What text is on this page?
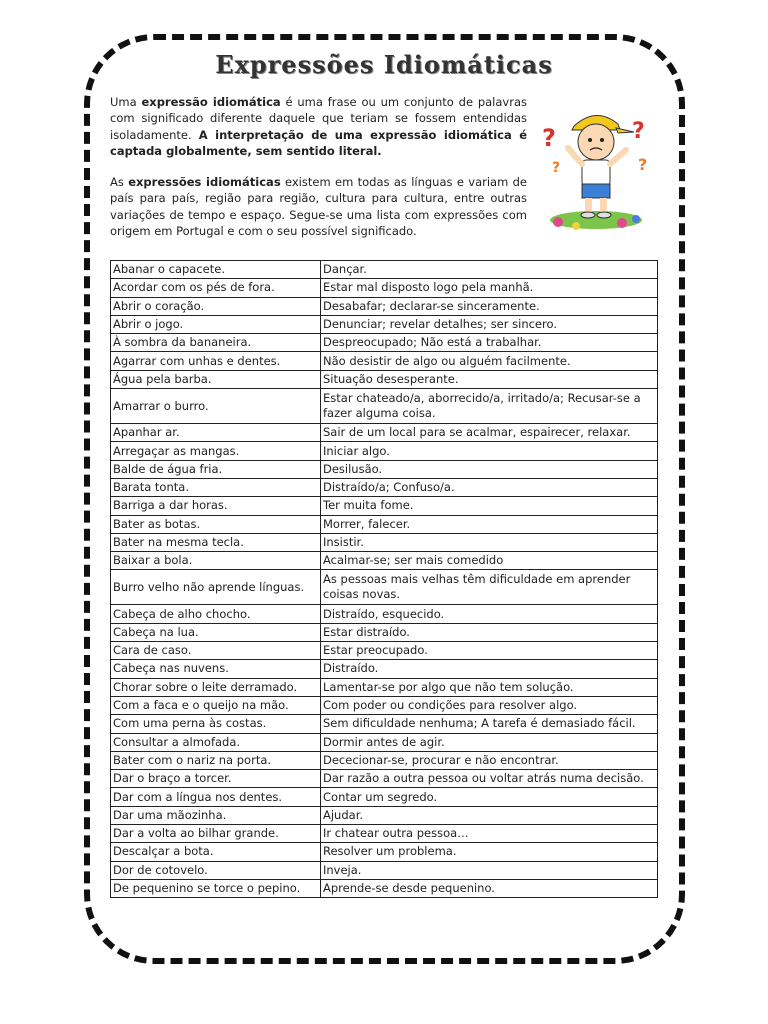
Expressões Idiomáticas

Uma expressão idiomática é uma frase ou um conjunto de palavras com significado diferente daquele que teriam se fossem entendidas isoladamente. A interpretação de uma expressão idiomática é captada globalmente, sem sentido literal.

As expressões idiomáticas existem em todas as línguas e variam de país para país, região para região, cultura para cultura, entre outras variações de tempo e espaço. Segue-se uma lista com expressões com origem em Portugal e com o seu possível significado.

?	?
?
?
Abanar o capacete.	Dançar.
Acordar com os pés de fora.	Estar mal disposto logo pela manhã.
Abrir o coração.	Desabafar; declarar-se sinceramente.
Abrir o jogo.	Denunciar; revelar detalhes; ser sincero.
À sombra da bananeira.	Despreocupado; Não está a trabalhar.
Agarrar com unhas e dentes.	Não desistir de algo ou alguém facilmente.
Água pela barba.	Situação desesperante.
Amarrar o burro.	Estar chateado/a, aborrecido/a, irritado/a; Recusar-se a fazer alguma coisa.
Apanhar ar.	Sair de um local para se acalmar, espairecer, relaxar.
Arregaçar as mangas.	Iniciar algo.
Balde de água fria.	Desilusão.
Barata tonta.	Distraído/a; Confuso/a.
Barriga a dar horas.	Ter muita fome.
Bater as botas.	Morrer, falecer.
Bater na mesma tecla.	Insistir.
Baixar a bola.	Acalmar-se; ser mais comedido
Burro velho não aprende línguas.	As pessoas mais velhas têm dificuldade em aprender coisas novas.
Cabeça de alho chocho.	Distraído, esquecido.
Cabeça na lua.	Estar distraído.
Cara de caso.	Estar preocupado.
Cabeça nas nuvens.	Distraído.
Chorar sobre o leite derramado.	Lamentar-se por algo que não tem solução.
Com a faca e o queijo na mão.	Com poder ou condições para resolver algo.
Com uma perna às costas.	Sem dificuldade nenhuma; A tarefa é demasiado fácil.
Consultar a almofada.	Dormir antes de agir.
Bater com o nariz na porta.	Dececionar-se, procurar e não encontrar.
Dar o braço a torcer.	Dar razão a outra pessoa ou voltar atrás numa decisão.
Dar com a língua nos dentes.	Contar um segredo.
Dar uma mãozinha.	Ajudar.
Dar a volta ao bilhar grande.	Ir chatear outra pessoa…
Descalçar a bota.	Resolver um problema.
Dor de cotovelo.	Inveja.
De pequenino se torce o pepino.	Aprende-se desde pequenino.
